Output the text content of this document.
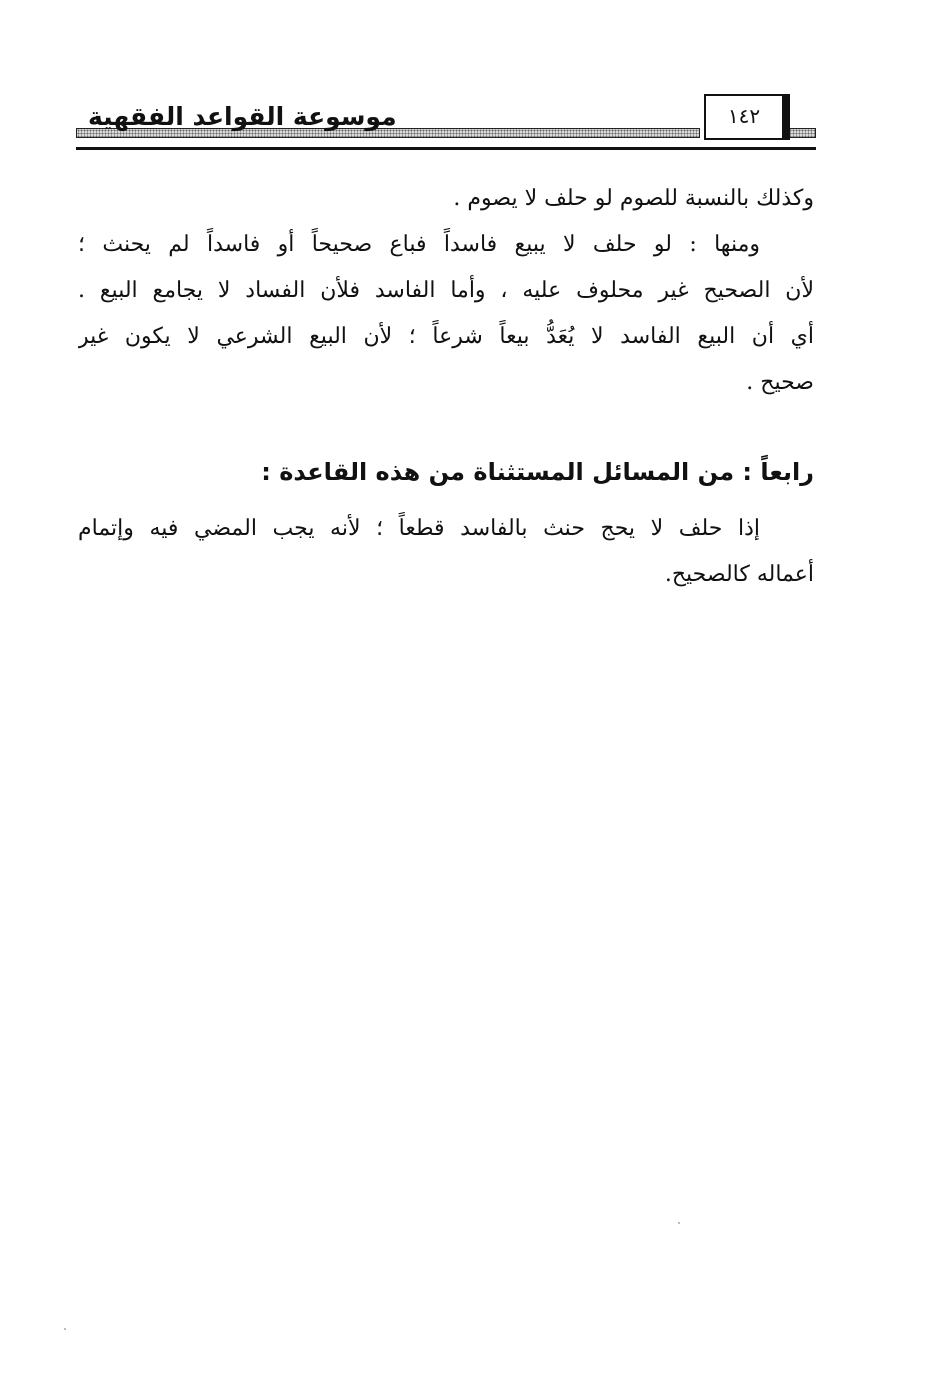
موسوعة القواعد الفقهية	١٤٢
وكذلك بالنسبة للصوم لو حلف لا يصوم .
ومنها : لو حلف لا يبيع فاسداً فباع صحيحاً أو فاسداً لم يحنث ؛
لأن الصحيح غير محلوف عليه ، وأما الفاسد فلأن الفساد لا يجامع البيع .
أي أن البيع الفاسد لا يُعَدُّ بيعاً شرعاً ؛ لأن البيع الشرعي لا يكون غير
صحيح .
رابعاً : من المسائل المستثناة من هذه القاعدة :
إذا حلف لا يحج حنث بالفاسد قطعاً ؛ لأنه يجب المضي فيه وإتمام
أعماله كالصحيح.
